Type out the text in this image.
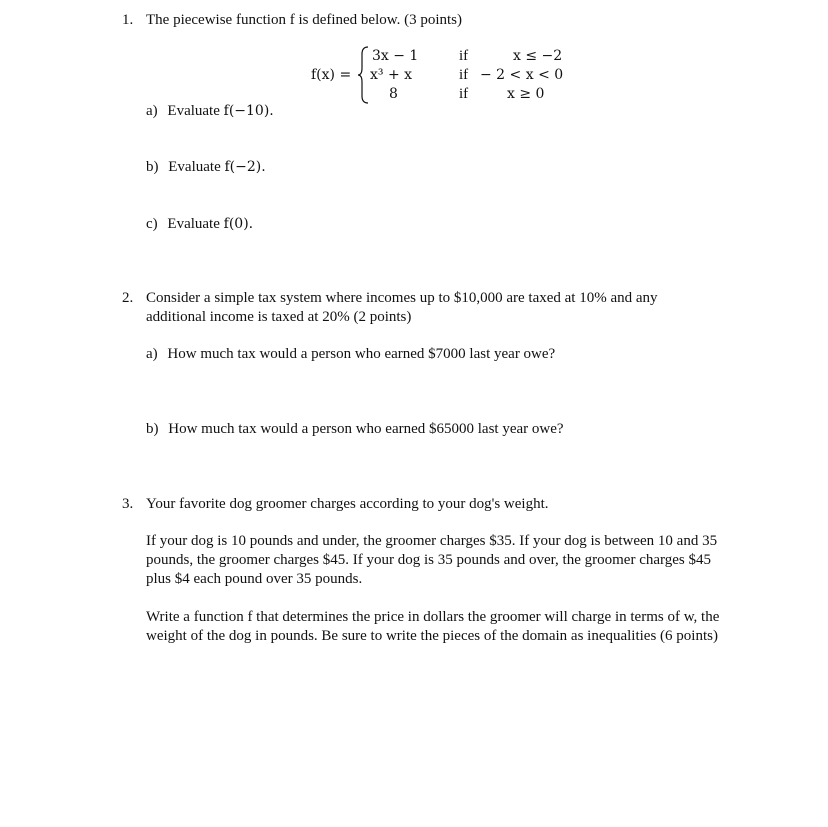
1. The piecewise function f is defined below. (3 points)
f(x) =
3x − 1	if	x ≤ −2
x³ + x	if − 2 < x < 0
8	if	x ≥ 0
a) Evaluate f(−10).
b) Evaluate f(−2).
c) Evaluate f(0).
2. Consider a simple tax system where incomes up to $10,000 are taxed at 10% and any
additional income is taxed at 20% (2 points)
a) How much tax would a person who earned $7000 last year owe?
b) How much tax would a person who earned $65000 last year owe?
3. Your favorite dog groomer charges according to your dog's weight.
If your dog is 10 pounds and under, the groomer charges $35. If your dog is between 10 and 35 pounds, the groomer charges $45. If your dog is 35 pounds and over, the groomer charges $45 plus $4 each pound over 35 pounds.
Write a function f that determines the price in dollars the groomer will charge in terms of w, the weight of the dog in pounds. Be sure to write the pieces of the domain as inequalities (6 points)
